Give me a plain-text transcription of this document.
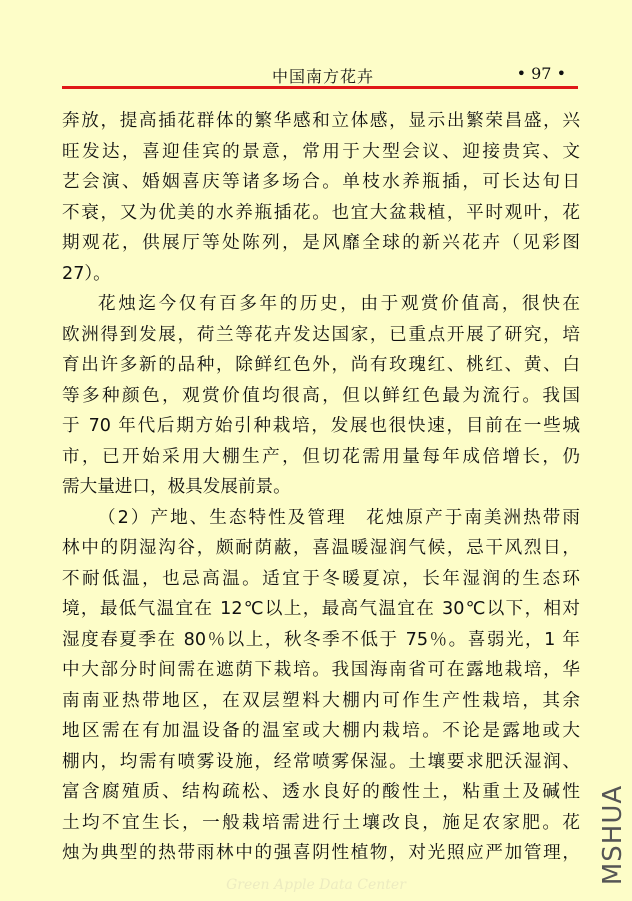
中国南方花卉	• 97 •
奔放，提高插花群体的繁华感和立体感，显示出繁荣昌盛，兴
旺发达，喜迎佳宾的景意，常用于大型会议、迎接贵宾、文
艺会演、婚姻喜庆等诸多场合。单枝水养瓶插，可长达旬日
不衰，又为优美的水养瓶插花。也宜大盆栽植，平时观叶，花
期观花，供展厅等处陈列，是风靡全球的新兴花卉（见彩图
27）。
花烛迄今仅有百多年的历史，由于观赏价值高，很快在
欧洲得到发展，荷兰等花卉发达国家，已重点开展了研究，培
育出许多新的品种，除鲜红色外，尚有玫瑰红、桃红、黄、白
等多种颜色，观赏价值均很高，但以鲜红色最为流行。我国
于 70 年代后期方始引种栽培，发展也很快速，目前在一些城
市，已开始采用大棚生产，但切花需用量每年成倍增长，仍
需大量进口，极具发展前景。
（2）产地、生态特性及管理　花烛原产于南美洲热带雨
林中的阴湿沟谷，颇耐荫蔽，喜温暖湿润气候，忌干风烈日，
不耐低温，也忌高温。适宜于冬暖夏凉，长年湿润的生态环
境，最低气温宜在 12℃以上，最高气温宜在 30℃以下，相对
湿度春夏季在 80％以上，秋冬季不低于 75％。喜弱光，1 年
中大部分时间需在遮荫下栽培。我国海南省可在露地栽培，华
南南亚热带地区，在双层塑料大棚内可作生产性栽培，其余
地区需在有加温设备的温室或大棚内栽培。不论是露地或大
棚内，均需有喷雾设施，经常喷雾保湿。土壤要求肥沃湿润、
富含腐殖质、结构疏松、透水良好的酸性土，粘重土及碱性
土均不宜生长，一般栽培需进行土壤改良，施足农家肥。花
烛为典型的热带雨林中的强喜阴性植物，对光照应严加管理， MSHUA
Green Apple Data Center
